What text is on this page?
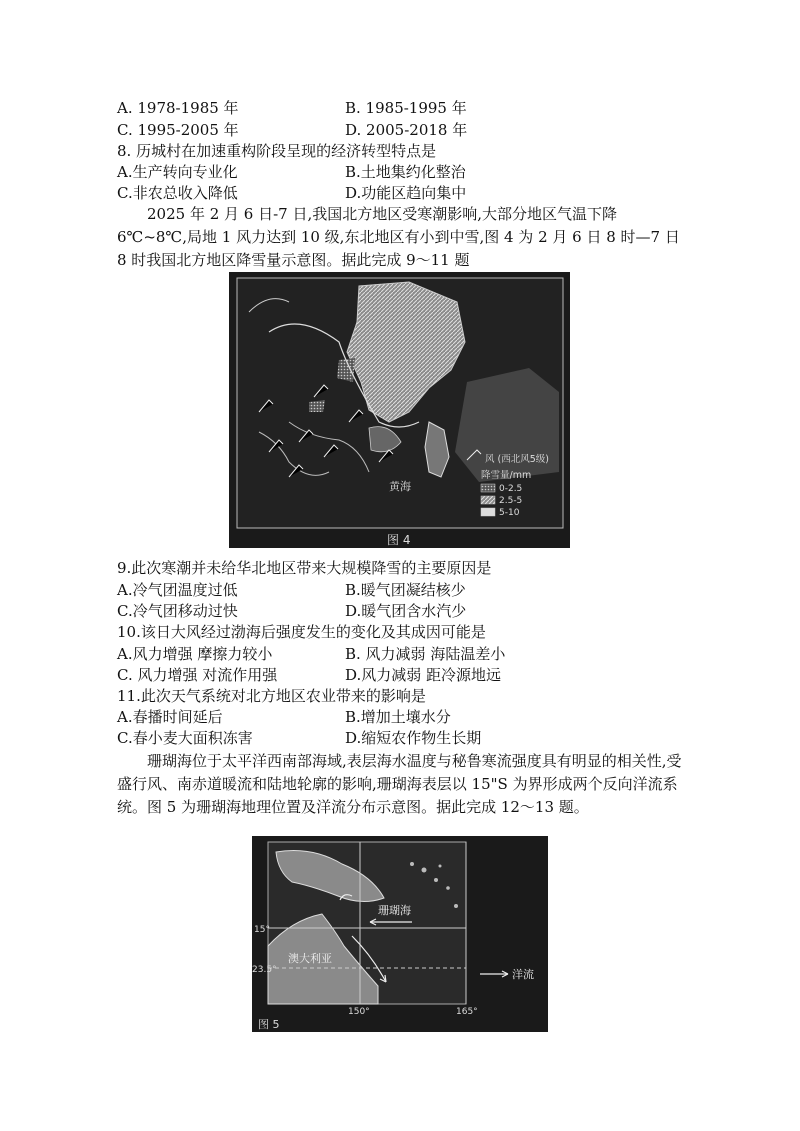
A. 1978-1985 年	B. 1985-1995 年
C. 1995-2005 年	D. 2005-2018 年
8. 历城村在加速重构阶段呈现的经济转型特点是
A.生产转向专业化	B.土地集约化整治
C.非农总收入降低	D.功能区趋向集中
2025 年 2 月 6 日-7 日,我国北方地区受寒潮影响,大部分地区气温下降 6℃~8℃,局地 1 风力达到 10 级,东北地区有小到中雪,图 4 为 2 月 6 日 8 时—7 日 8 时我国北方地区降雪量示意图。据此完成 9～11 题
黄海
风 (西北风5级)
降雪量/mm
0-2.5
2.5-5
5-10
图 4
9.此次寒潮并未给华北地区带来大规模降雪的主要原因是
A.冷气团温度过低	B.暖气团凝结核少
C.冷气团移动过快	D.暖气团含水汽少
10.该日大风经过渤海后强度发生的变化及其成因可能是
A.风力增强 摩擦力较小	B. 风力减弱 海陆温差小
C. 风力增强 对流作用强	D.风力减弱 距冷源地远
11.此次天气系统对北方地区农业带来的影响是
A.春播时间延后	B.增加土壤水分
C.春小麦大面积冻害	D.缩短农作物生长期
珊瑚海位于太平洋西南部海域,表层海水温度与秘鲁寒流强度具有明显的相关性,受盛行风、南赤道暖流和陆地轮廓的影响,珊瑚海表层以 15"S 为界形成两个反向洋流系统。图 5 为珊瑚海地理位置及洋流分布示意图。据此完成 12～13 题。
珊瑚海
澳大利亚
15°
23.5°
150°	165°
洋流
图 5
